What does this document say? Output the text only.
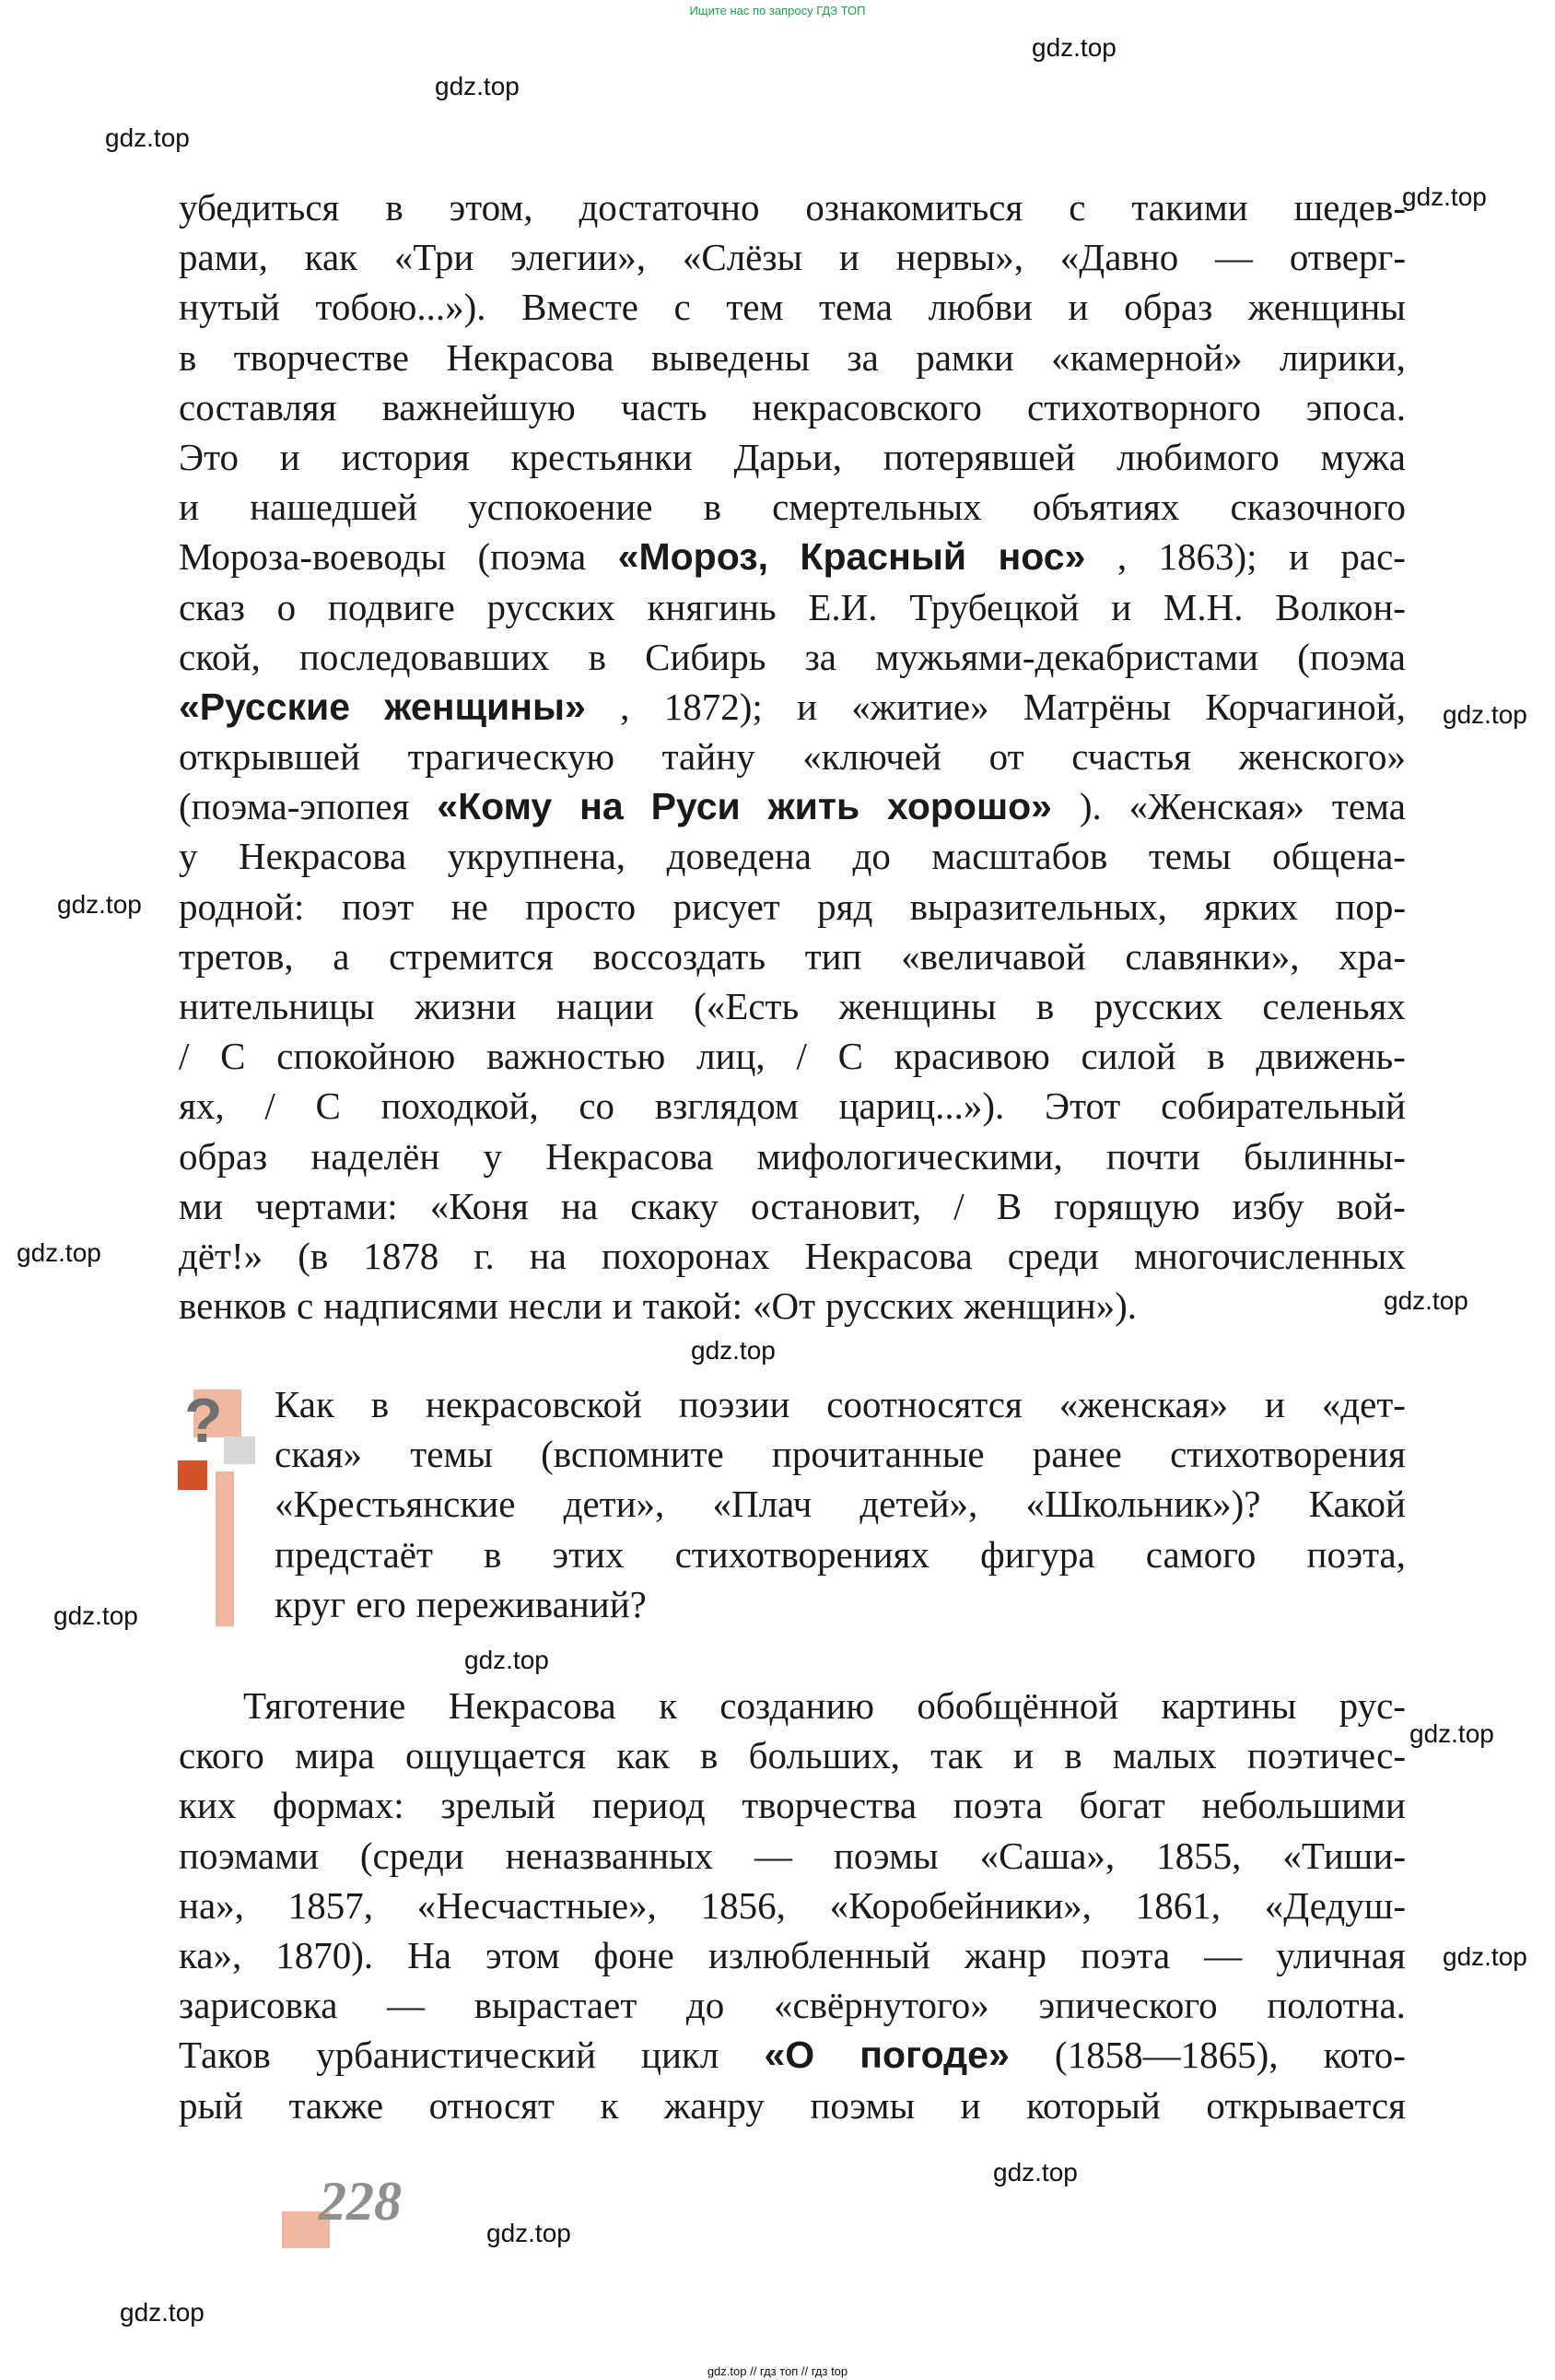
Ищите нас по запросу ГДЗ ТОП
gdz.top
gdz.top
gdz.top
gdz.top
gdz.top
gdz.top
gdz.top
gdz.top
gdz.top
gdz.top
gdz.top
gdz.top
gdz.top
gdz.top
gdz.top
gdz.top
убедиться в этом, достаточно ознакомиться с такими шедев-
рами, как «Три элегии», «Слёзы и нервы», «Давно — отверг-
нутый тобою...»). Вместе с тем тема любви и образ женщины
в творчестве Некрасова выведены за рамки «камерной» лирики,
составляя важнейшую часть некрасовского стихотворного эпоса.
Это и история крестьянки Дарьи, потерявшей любимого мужа
и нашедшей успокоение в смертельных объятиях сказочного
Мороза-воеводы (поэма «Мороз, Красный нос» , 1863); и рас-
сказ о подвиге русских княгинь Е.И. Трубецкой и М.Н. Волкон-
ской, последовавших в Сибирь за мужьями-декабристами (поэма
«Русские женщины» , 1872); и «житие» Матрёны Корчагиной,
открывшей трагическую тайну «ключей от счастья женского»
(поэма-эпопея «Кому на Руси жить хорошо» ). «Женская» тема
у Некрасова укрупнена, доведена до масштабов темы общена-
родной: поэт не просто рисует ряд выразительных, ярких пор-
третов, а стремится воссоздать тип «величавой славянки», хра-
нительницы жизни нации («Есть женщины в русских селеньях
/ С спокойною важностью лиц, / С красивою силой в движень-
ях, / С походкой, со взглядом цариц...»). Этот собирательный
образ наделён у Некрасова мифологическими, почти былинны-
ми чертами: «Коня на скаку остановит, / В горящую избу вой-
дёт!» (в 1878 г. на похоронах Некрасова среди многочисленных
венков с надписями несли и такой: «От русских женщин»).
? Как в некрасовской поэзии соотносятся «женская» и «дет-
ская» темы (вспомните прочитанные ранее стихотворения
«Крестьянские дети», «Плач детей», «Школьник»)? Какой
предстаёт в этих стихотворениях фигура самого поэта,
круг его переживаний?
Тяготение Некрасова к созданию обобщённой картины рус-
ского мира ощущается как в больших, так и в малых поэтичес-
ких формах: зрелый период творчества поэта богат небольшими
поэмами (среди неназванных — поэмы «Саша», 1855, «Тиши-
на», 1857, «Несчастные», 1856, «Коробейники», 1861, «Дедуш-
ка», 1870). На этом фоне излюбленный жанр поэта — уличная
зарисовка — вырастает до «свёрнутого» эпического полотна.
Таков урбанистический цикл «О погоде» (1858—1865), кото-
рый также относят к жанру поэмы и который открывается
228
gdz.top // гдз топ // гдз top
